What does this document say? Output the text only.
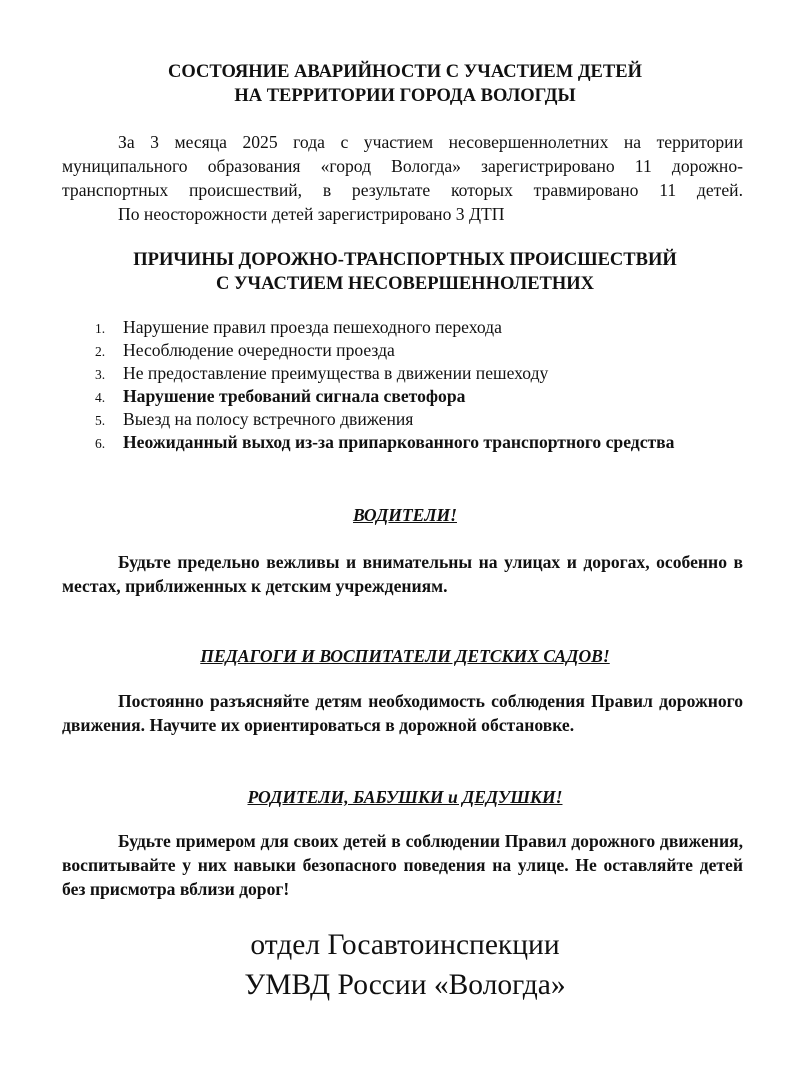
СОСТОЯНИЕ АВАРИЙНОСТИ С УЧАСТИЕМ ДЕТЕЙ
НА ТЕРРИТОРИИ ГОРОДА ВОЛОГДЫ

За 3 месяца 2025 года с участием несовершеннолетних на территории муниципального образования «город Вологда» зарегистрировано 11 дорожно-транспортных происшествий, в результате которых травмировано 11 детей.

По неосторожности детей зарегистрировано 3 ДТП

ПРИЧИНЫ ДОРОЖНО-ТРАНСПОРТНЫХ ПРОИСШЕСТВИЙ
С УЧАСТИЕМ НЕСОВЕРШЕННОЛЕТНИХ
1.	Нарушение правил проезда пешеходного перехода
2.	Несоблюдение очередности проезда
3.	Не предоставление преимущества в движении пешеходу
4.	Нарушение требований сигнала светофора
5.	Выезд на полосу встречного движения
6.	Неожиданный выход из-за припаркованного транспортного средства
ВОДИТЕЛИ!

Будьте предельно вежливы и внимательны на улицах и дорогах, особенно в местах, приближенных к детским учреждениям.

ПЕДАГОГИ И ВОСПИТАТЕЛИ ДЕТСКИХ САДОВ!

Постоянно разъясняйте детям необходимость соблюдения Правил дорожного движения. Научите их ориентироваться в дорожной обстановке.

РОДИТЕЛИ, БАБУШКИ и ДЕДУШКИ!

Будьте примером для своих детей в соблюдении Правил дорожного движения, воспитывайте у них навыки безопасного поведения на улице. Не оставляйте детей без присмотра вблизи дорог!

отдел Госавтоинспекции
УМВД России «Вологда»
